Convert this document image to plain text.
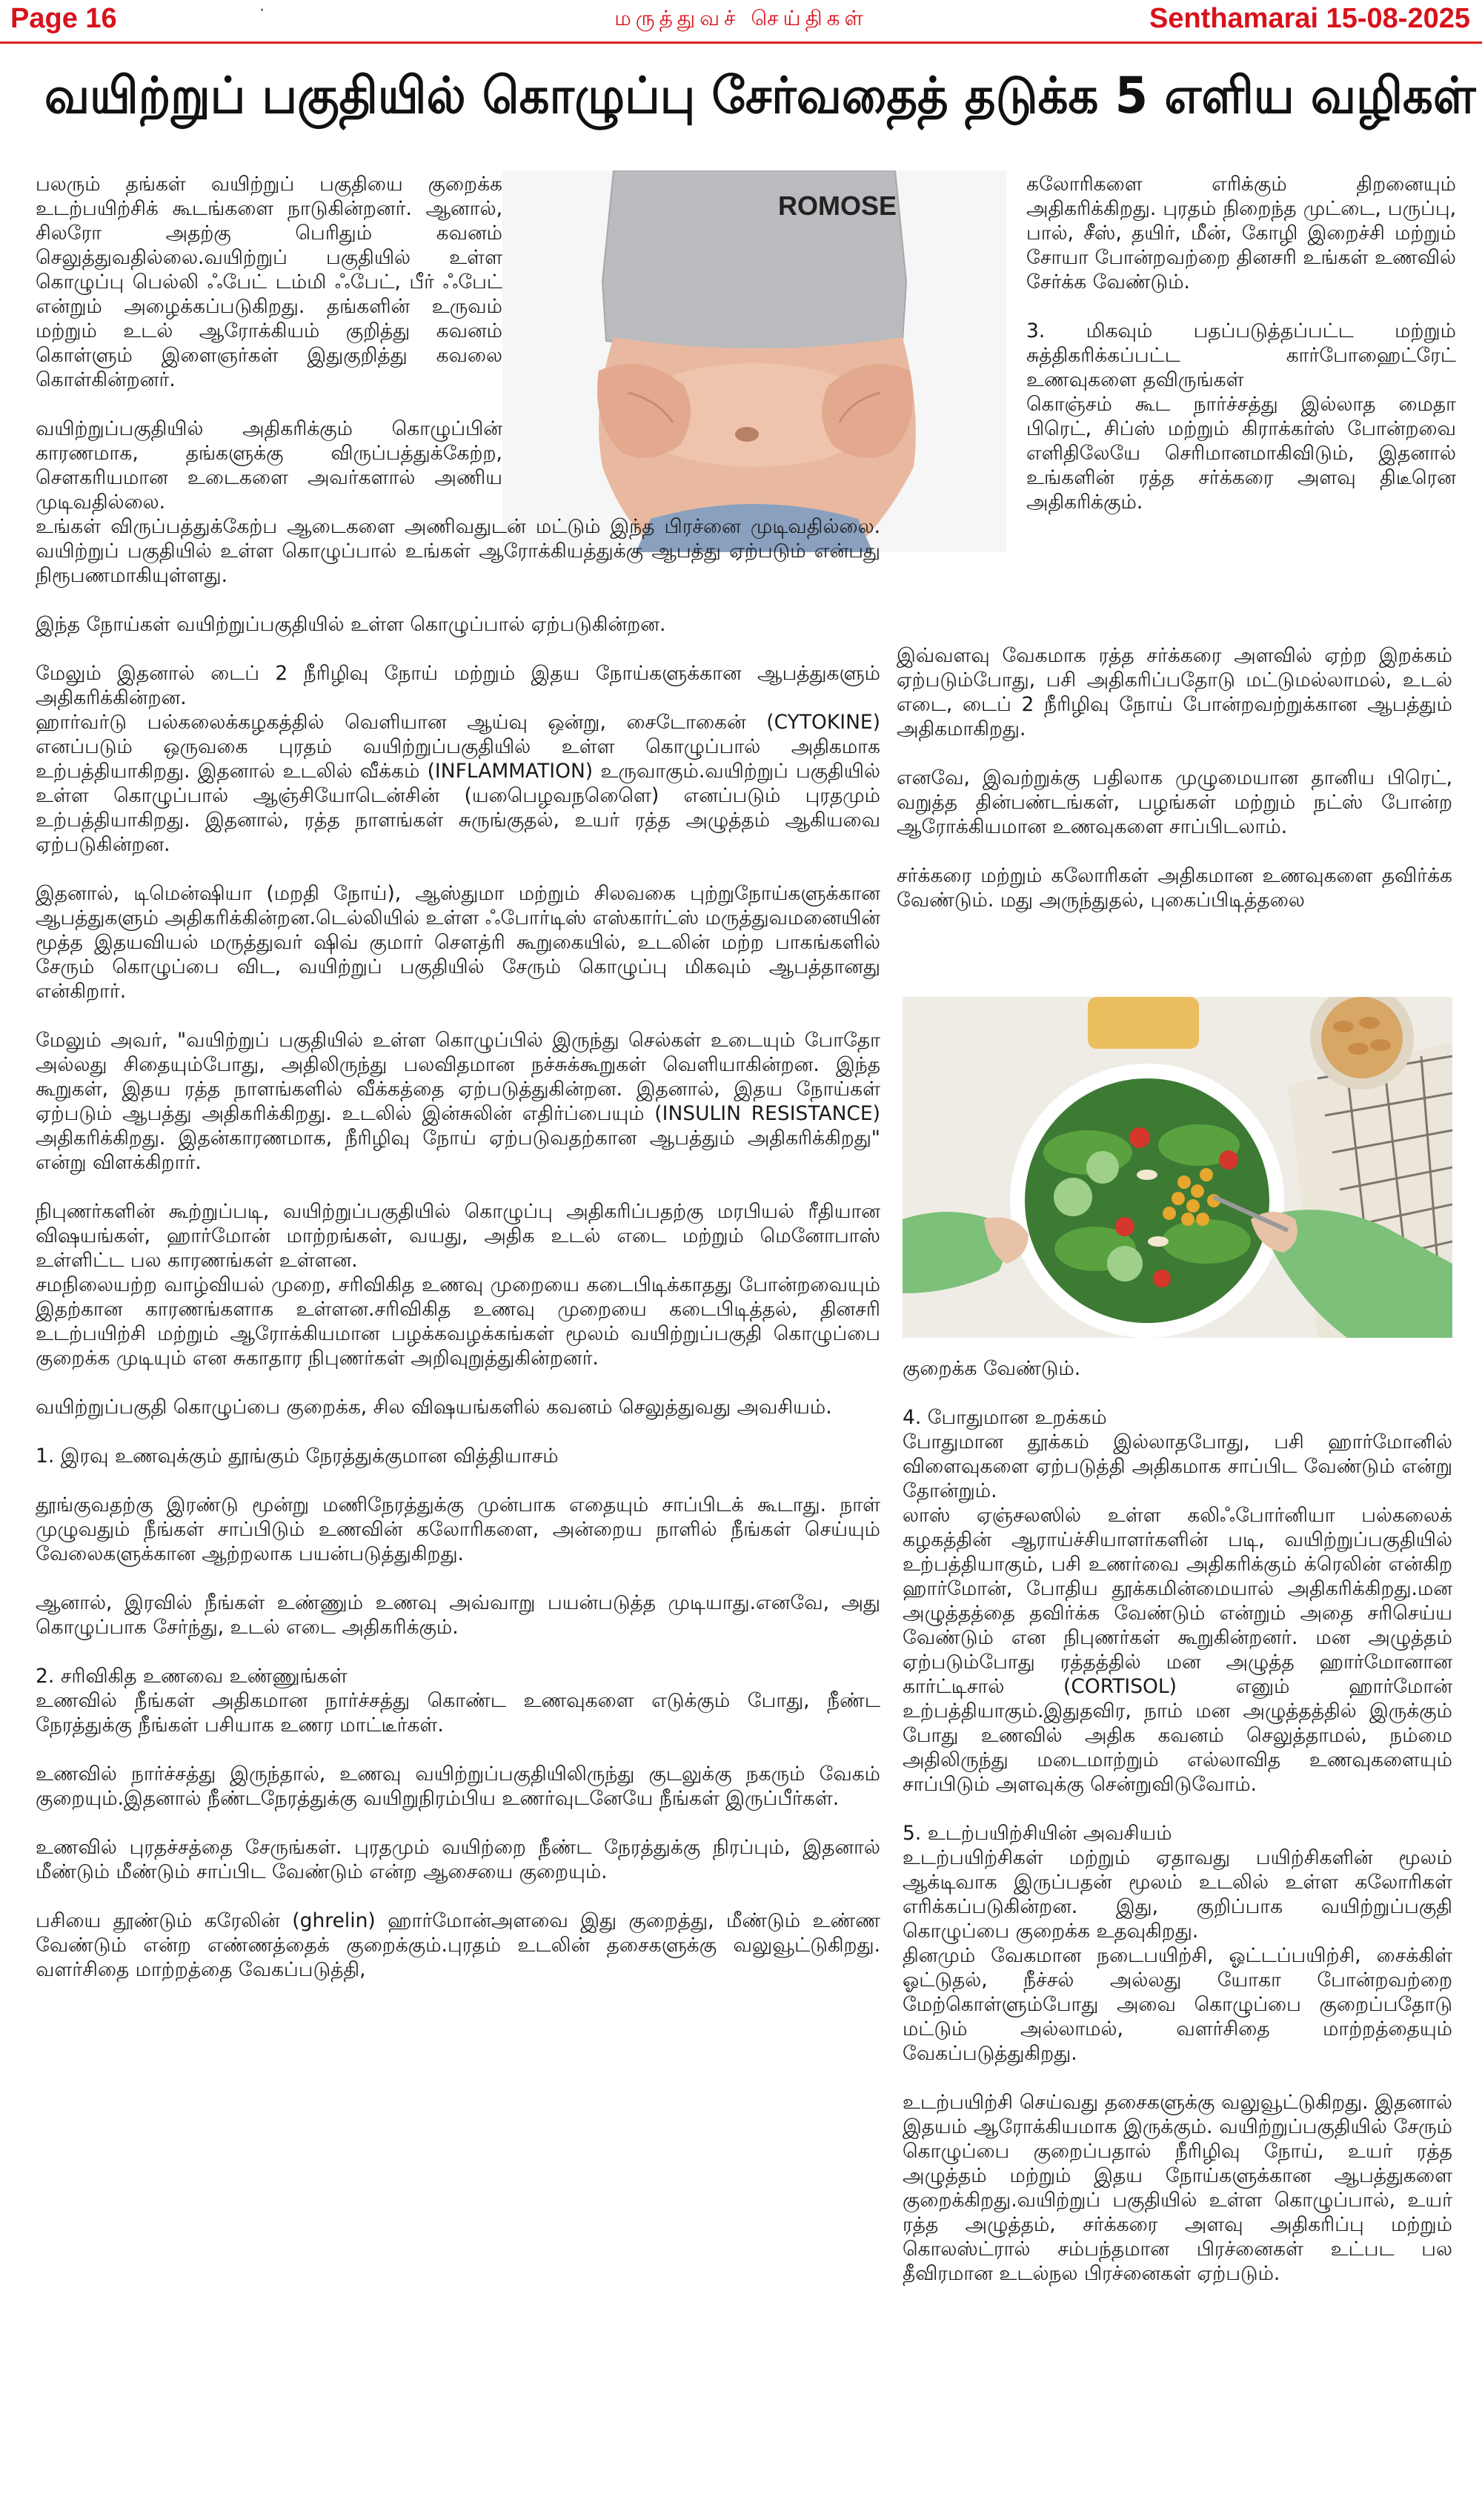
Page 16	·	மருத்துவச் செய்திகள்	Senthamarai 15-08-2025
வயிற்றுப் பகுதியில் கொழுப்பு சேர்வதைத் தடுக்க 5 எளிய வழிகள்
ROMOSE

பலரும் தங்கள் வயிற்றுப் பகுதியை குறைக்க உடற்பயிற்சிக் கூடங்களை நாடுகின்றனர். ஆனால், சிலரோ அதற்கு பெரிதும் கவனம் செலுத்துவதில்லை.வயிற்றுப் பகுதியில் உள்ள கொழுப்பு பெல்லி ஃபேட் டம்மி ஃபேட், பீர் ஃபேட் என்றும் அழைக்கப்படுகிறது. தங்களின் உருவம் மற்றும் உடல் ஆரோக்கியம் குறித்து கவனம் கொள்ளும் இளைஞர்கள் இதுகுறித்து கவலை கொள்கின்றனர்.

வயிற்றுப்பகுதியில் அதிகரிக்கும் கொழுப்பின் காரணமாக, தங்களுக்கு விருப்பத்துக்கேற்ற, சௌகரியமான உடைகளை அவர்களால் அணிய முடிவதில்லை.

உங்கள் விருப்பத்துக்கேற்ப ஆடைகளை அணிவதுடன் மட்டும் இந்த பிரச்னை முடிவதில்லை. வயிற்றுப் பகுதியில் உள்ள கொழுப்பால் உங்கள் ஆரோக்கியத்துக்கு ஆபத்து ஏற்படும் என்பது நிரூபணமாகியுள்ளது.

இந்த நோய்கள் வயிற்றுப்பகுதியில் உள்ள கொழுப்பால் ஏற்படுகின்றன.

மேலும் இதனால் டைப் 2 நீரிழிவு நோய் மற்றும் இதய நோய்களுக்கான ஆபத்துகளும் அதிகரிக்கின்றன.

ஹார்வர்டு பல்கலைக்கழகத்தில் வெளியான ஆய்வு ஒன்று, சைடோகைன் (CYTOKINE) எனப்படும் ஒருவகை புரதம் வயிற்றுப்பகுதியில் உள்ள கொழுப்பால் அதிகமாக உற்பத்தியாகிறது. இதனால் உடலில் வீக்கம் (INFLAMMATION) உருவாகும்.வயிற்றுப் பகுதியில் உள்ள கொழுப்பால் ஆஞ்சியோடென்சின் (யபெைழவநளெைெ) எனப்படும் புரதமும் உற்பத்தியாகிறது. இதனால், ரத்த நாளங்கள் சுருங்குதல், உயர் ரத்த அழுத்தம் ஆகியவை ஏற்படுகின்றன.

இதனால், டிமென்ஷியா (மறதி நோய்), ஆஸ்துமா மற்றும் சிலவகை புற்றுநோய்களுக்கான ஆபத்துகளும் அதிகரிக்கின்றன.டெல்லியில் உள்ள ஃபோர்டிஸ் எஸ்கார்ட்ஸ் மருத்துவமனையின் மூத்த இதயவியல் மருத்துவர் ஷிவ் குமார் சௌத்ரி கூறுகையில், உடலின் மற்ற பாகங்களில் சேரும் கொழுப்பை விட, வயிற்றுப் பகுதியில் சேரும் கொழுப்பு மிகவும் ஆபத்தானது என்கிறார்.

மேலும் அவர், "வயிற்றுப் பகுதியில் உள்ள கொழுப்பில் இருந்து செல்கள் உடையும் போதோ அல்லது சிதையும்போது, அதிலிருந்து பலவிதமான நச்சுக்கூறுகள் வெளியாகின்றன. இந்த கூறுகள், இதய ரத்த நாளங்களில் வீக்கத்தை ஏற்படுத்துகின்றன. இதனால், இதய நோய்கள் ஏற்படும் ஆபத்து அதிகரிக்கிறது. உடலில் இன்சுலின் எதிர்ப்பையும் (INSULIN RESISTANCE) அதிகரிக்கிறது. இதன்காரணமாக, நீரிழிவு நோய் ஏற்படுவதற்கான ஆபத்தும் அதிகரிக்கிறது" என்று விளக்கிறார்.

நிபுணர்களின் கூற்றுப்படி, வயிற்றுப்பகுதியில் கொழுப்பு அதிகரிப்பதற்கு மரபியல் ரீதியான விஷயங்கள், ஹார்மோன் மாற்றங்கள், வயது, அதிக உடல் எடை மற்றும் மெனோபாஸ் உள்ளிட்ட பல காரணங்கள் உள்ளன.

சமநிலையற்ற வாழ்வியல் முறை, சரிவிகித உணவு முறையை கடைபிடிக்காதது போன்றவையும் இதற்கான காரணங்களாக உள்ளன.சரிவிகித உணவு முறையை கடைபிடித்தல், தினசரி உடற்பயிற்சி மற்றும் ஆரோக்கியமான பழக்கவழக்கங்கள் மூலம் வயிற்றுப்பகுதி கொழுப்பை குறைக்க முடியும் என சுகாதார நிபுணர்கள் அறிவுறுத்துகின்றனர்.

வயிற்றுப்பகுதி கொழுப்பை குறைக்க, சில விஷயங்களில் கவனம் செலுத்துவது அவசியம்.

1. இரவு உணவுக்கும் தூங்கும் நேரத்துக்குமான வித்தியாசம்

தூங்குவதற்கு இரண்டு மூன்று மணிநேரத்துக்கு முன்பாக எதையும் சாப்பிடக் கூடாது. நாள் முழுவதும் நீங்கள் சாப்பிடும் உணவின் கலோரிகளை, அன்றைய நாளில் நீங்கள் செய்யும் வேலைகளுக்கான ஆற்றலாக பயன்படுத்துகிறது.

ஆனால், இரவில் நீங்கள் உண்ணும் உணவு அவ்வாறு பயன்படுத்த முடியாது.எனவே, அது கொழுப்பாக சேர்ந்து, உடல் எடை அதிகரிக்கும்.

2. சரிவிகித உணவை உண்ணுங்கள்

உணவில் நீங்கள் அதிகமான நார்ச்சத்து கொண்ட உணவுகளை எடுக்கும் போது, நீண்ட நேரத்துக்கு நீங்கள் பசியாக உணர மாட்டீர்கள்.

உணவில் நார்ச்சத்து இருந்தால், உணவு வயிற்றுப்பகுதியிலிருந்து குடலுக்கு நகரும் வேகம் குறையும்.இதனால் நீண்டநேரத்துக்கு வயிறுநிரம்பிய உணர்வுடனேயே நீங்கள் இருப்பீர்கள்.

உணவில் புரதச்சத்தை சேருங்கள். புரதமும் வயிற்றை நீண்ட நேரத்துக்கு நிரப்பும், இதனால் மீண்டும் மீண்டும் சாப்பிட வேண்டும் என்ற ஆசையை குறையும்.

பசியை தூண்டும் கரேலின் (ghrelin) ஹார்மோன்அளவை இது குறைத்து, மீண்டும் உண்ண வேண்டும் என்ற எண்ணத்தைக் குறைக்கும்.புரதம் உடலின் தசைகளுக்கு வலுவூட்டுகிறது. வளர்சிதை மாற்றத்தை வேகப்படுத்தி,

கலோரிகளை எரிக்கும் திறனையும் அதிகரிக்கிறது. புரதம் நிறைந்த முட்டை, பருப்பு, பால், சீஸ், தயிர், மீன், கோழி இறைச்சி மற்றும் சோயா போன்றவற்றை தினசரி உங்கள் உணவில் சேர்க்க வேண்டும்.

3. மிகவும் பதப்படுத்தப்பட்ட மற்றும் சுத்திகரிக்கப்பட்ட கார்போஹைட்ரேட் உணவுகளை தவிருங்கள்

கொஞ்சம் கூட நார்ச்சத்து இல்லாத மைதா பிரெட், சிப்ஸ் மற்றும் கிராக்கர்ஸ் போன்றவை எளிதிலேயே செரிமானமாகிவிடும், இதனால் உங்களின் ரத்த சர்க்கரை அளவு திடீரென அதிகரிக்கும்.

இவ்வளவு வேகமாக ரத்த சர்க்கரை அளவில் ஏற்ற இறக்கம் ஏற்படும்போது, பசி அதிகரிப்பதோடு மட்டுமல்லாமல், உடல் எடை, டைப் 2 நீரிழிவு நோய் போன்றவற்றுக்கான ஆபத்தும் அதிகமாகிறது.

எனவே, இவற்றுக்கு பதிலாக முழுமையான தானிய பிரெட், வறுத்த தின்பண்டங்கள், பழங்கள் மற்றும் நட்ஸ் போன்ற ஆரோக்கியமான உணவுகளை சாப்பிடலாம்.

சர்க்கரை மற்றும் கலோரிகள் அதிகமான உணவுகளை தவிர்க்க வேண்டும். மது அருந்துதல், புகைப்பிடித்தலை

குறைக்க வேண்டும்.

4. போதுமான உறக்கம்

போதுமான தூக்கம் இல்லாதபோது, பசி ஹார்மோனில் விளைவுகளை ஏற்படுத்தி அதிகமாக சாப்பிட வேண்டும் என்று தோன்றும்.

லாஸ் ஏஞ்சலஸில் உள்ள கலிஃபோர்னியா பல்கலைக் கழகத்தின் ஆராய்ச்சியாளர்களின் படி, வயிற்றுப்பகுதியில் உற்பத்தியாகும், பசி உணர்வை அதிகரிக்கும் க்ரெலின் என்கிற ஹார்மோன், போதிய தூக்கமின்மையால் அதிகரிக்கிறது.மன அழுத்தத்தை தவிர்க்க வேண்டும் என்றும் அதை சரிசெய்ய வேண்டும் என நிபுணர்கள் கூறுகின்றனர். மன அழுத்தம் ஏற்படும்போது ரத்தத்தில் மன அழுத்த ஹார்மோனான கார்ட்டிசால் (CORTISOL) எனும் ஹார்மோன் உற்பத்தியாகும்.இதுதவிர, நாம் மன அழுத்தத்தில் இருக்கும் போது உணவில் அதிக கவனம் செலுத்தாமல், நம்மை அதிலிருந்து மடைமாற்றும் எல்லாவித உணவுகளையும் சாப்பிடும் அளவுக்கு சென்றுவிடுவோம்.

5. உடற்பயிற்சியின் அவசியம்

உடற்பயிற்சிகள் மற்றும் ஏதாவது பயிற்சிகளின் மூலம் ஆக்டிவாக இருப்பதன் மூலம் உடலில் உள்ள கலோரிகள் எரிக்கப்படுகின்றன. இது, குறிப்பாக வயிற்றுப்பகுதி கொழுப்பை குறைக்க உதவுகிறது.

தினமும் வேகமான நடைபயிற்சி, ஓட்டப்பயிற்சி, சைக்கிள் ஓட்டுதல், நீச்சல் அல்லது யோகா போன்றவற்றை மேற்கொள்ளும்போது அவை கொழுப்பை குறைப்பதோடு மட்டும் அல்லாமல், வளர்சிதை மாற்றத்தையும் வேகப்படுத்துகிறது.

உடற்பயிற்சி செய்வது தசைகளுக்கு வலுவூட்டுகிறது. இதனால் இதயம் ஆரோக்கியமாக இருக்கும். வயிற்றுப்பகுதியில் சேரும் கொழுப்பை குறைப்பதால் நீரிழிவு நோய், உயர் ரத்த அழுத்தம் மற்றும் இதய நோய்களுக்கான ஆபத்துகளை குறைக்கிறது.வயிற்றுப் பகுதியில் உள்ள கொழுப்பால், உயர் ரத்த அழுத்தம், சர்க்கரை அளவு அதிகரிப்பு மற்றும் கொலஸ்ட்ரால் சம்பந்தமான பிரச்னைகள் உட்பட பல தீவிரமான உடல்நல பிரச்னைகள் ஏற்படும்.
